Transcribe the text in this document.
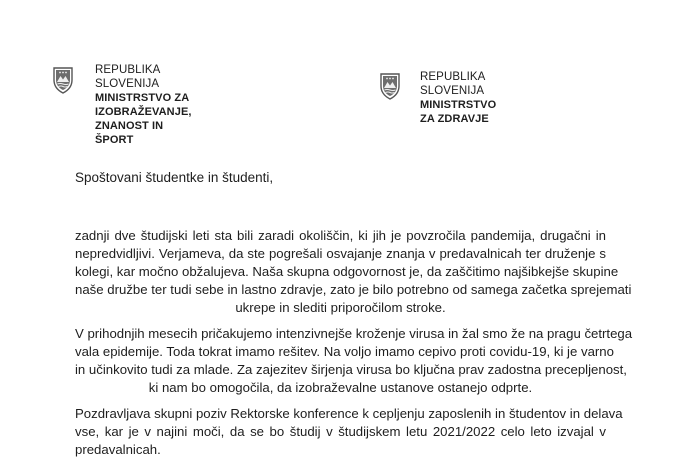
REPUBLIKA SLOVENIJA
MINISTRSTVO ZA IZOBRAŽEVANJE,
ZNANOST IN ŠPORT
REPUBLIKA SLOVENIJA
MINISTRSTVO ZA ZDRAVJE
Spoštovani študentke in študenti,
zadnji dve študijski leti sta bili zaradi okoliščin, ki jih je povzročila pandemija, drugačni in
nepredvidljivi. Verjameva, da ste pogrešali osvajanje znanja v predavalnicah ter druženje s
kolegi, kar močno obžalujeva. Naša skupna odgovornost je, da zaščitimo najšibkejše skupine
naše družbe ter tudi sebe in lastno zdravje, zato je bilo potrebno od samega začetka sprejemati
ukrepe in slediti priporočilom stroke.
V prihodnjih mesecih pričakujemo intenzivnejše kroženje virusa in žal smo že na pragu četrtega
vala epidemije. Toda tokrat imamo rešitev. Na voljo imamo cepivo proti covidu-19, ki je varno
in učinkovito tudi za mlade. Za zajezitev širjenja virusa bo ključna prav zadostna precepljenost,
ki nam bo omogočila, da izobraževalne ustanove ostanejo odprte.
Pozdravljava skupni poziv Rektorske konference k cepljenju zaposlenih in študentov in delava
vse, kar je v najini moči, da se bo študij v študijskem letu 2021/2022 celo leto izvajal v
predavalnicah.
